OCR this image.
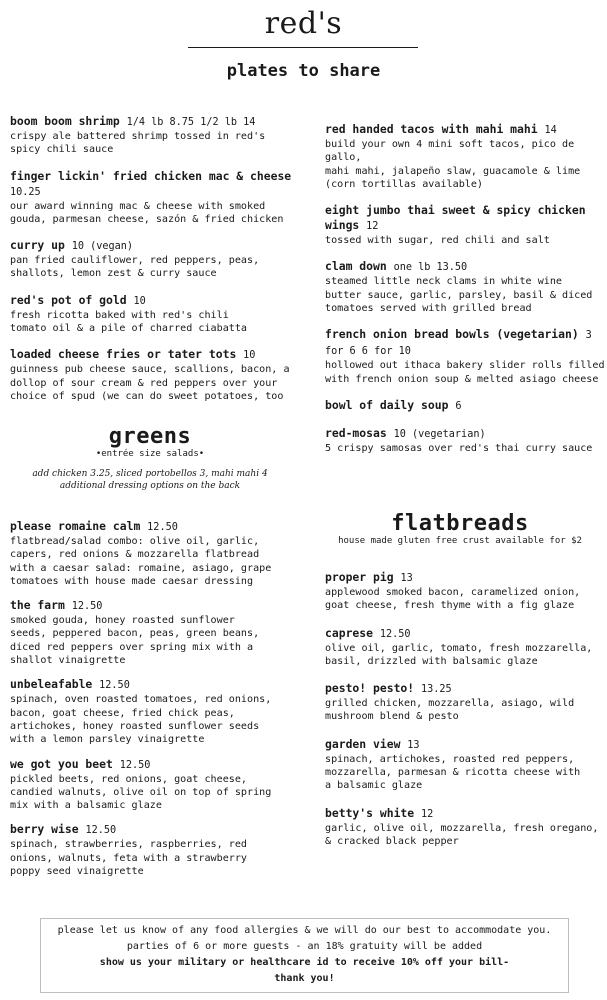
red's
plates to share
boom boom shrimp 1/4 lb 8.75 1/2 lb 14
crispy ale battered shrimp tossed in red's
spicy chili sauce
finger lickin' fried chicken mac & cheese 10.25
our award winning mac & cheese with smoked
gouda, parmesan cheese, sazón & fried chicken
curry up 10 (vegan)
pan fried cauliflower, red peppers, peas,
shallots, lemon zest & curry sauce
red's pot of gold 10
fresh ricotta baked with red's chili
tomato oil & a pile of charred ciabatta
loaded cheese fries or tater tots 10
guinness pub cheese sauce, scallions, bacon, a
dollop of sour cream & red peppers over your
choice of spud (we can do sweet potatoes, too
red handed tacos with mahi mahi 14
build your own 4 mini soft tacos, pico de gallo,
mahi mahi, jalapeño slaw, guacamole & lime
(corn tortillas available)
eight jumbo thai sweet & spicy chicken wings 12
tossed with sugar, red chili and salt
clam down one lb 13.50
steamed little neck clams in white wine
butter sauce, garlic, parsley, basil & diced
tomatoes served with grilled bread
french onion bread bowls (vegetarian) 3 for 6 6 for 10
hollowed out ithaca bakery slider rolls filled
with french onion soup & melted asiago cheese
bowl of daily soup 6
red-mosas 10 (vegetarian)
5 crispy samosas over red's thai curry sauce
greens
•entrée size salads•
add chicken 3.25, sliced portobellos 3, mahi mahi 4
additional dressing options on the back
please romaine calm 12.50
flatbread/salad combo: olive oil, garlic,
capers, red onions & mozzarella flatbread
with a caesar salad: romaine, asiago, grape
tomatoes with house made caesar dressing
the farm 12.50
smoked gouda, honey roasted sunflower
seeds, peppered bacon, peas, green beans,
diced red peppers over spring mix with a
shallot vinaigrette
unbeleafable 12.50
spinach, oven roasted tomatoes, red onions,
bacon, goat cheese, fried chick peas,
artichokes, honey roasted sunflower seeds
with a lemon parsley vinaigrette
we got you beet 12.50
pickled beets, red onions, goat cheese,
candied walnuts, olive oil on top of spring
mix with a balsamic glaze
berry wise 12.50
spinach, strawberries, raspberries, red
onions, walnuts, feta with a strawberry
poppy seed vinaigrette
flatbreads
house made gluten free crust available for $2
proper pig 13
applewood smoked bacon, caramelized onion,
goat cheese, fresh thyme with a fig glaze
caprese 12.50
olive oil, garlic, tomato, fresh mozzarella,
basil, drizzled with balsamic glaze
pesto! pesto! 13.25
grilled chicken, mozzarella, asiago, wild
mushroom blend & pesto
garden view 13
spinach, artichokes, roasted red peppers,
mozzarella, parmesan & ricotta cheese with
a balsamic glaze
betty's white 12
garlic, olive oil, mozzarella, fresh oregano,
& cracked black pepper
please let us know of any food allergies & we will do our best to accommodate you.
parties of 6 or more guests - an 18% gratuity will be added
show us your military or healthcare id to receive 10% off your bill-
thank you!
